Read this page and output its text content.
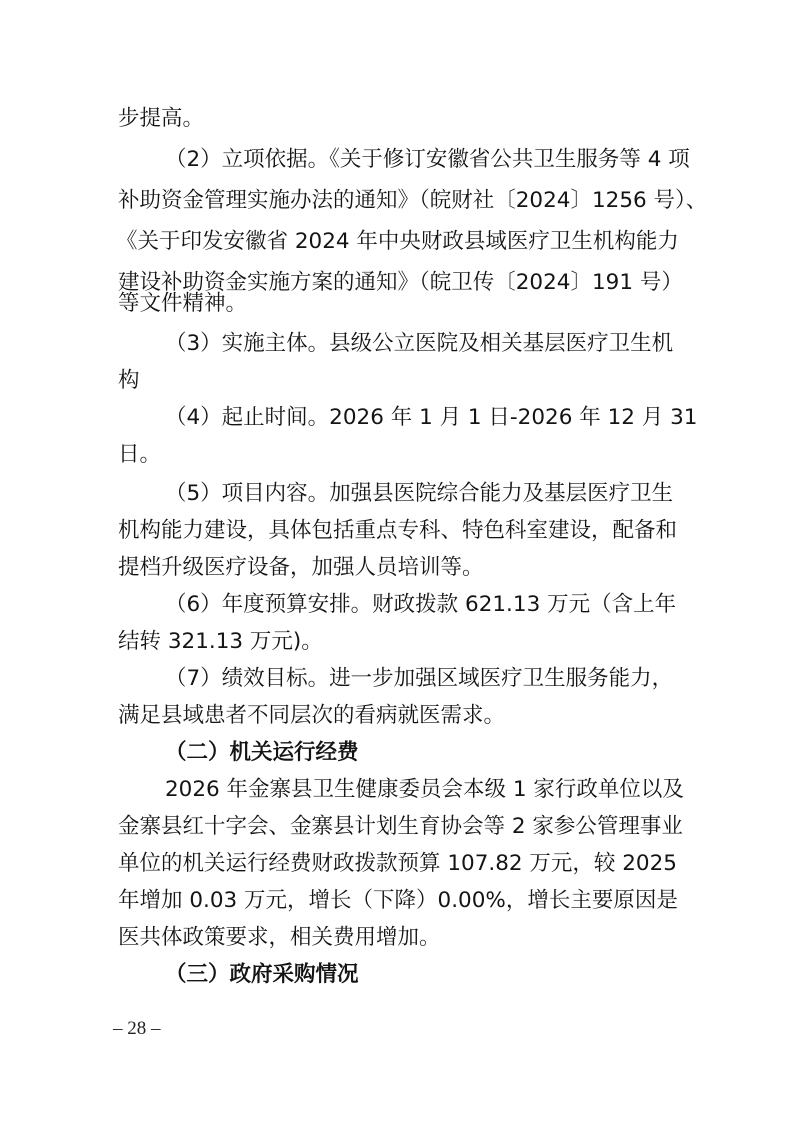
步提高。
（2）立项依据。《关于修订安徽省公共卫生服务等 4 项
补助资金管理实施办法的通知》（皖财社〔2024〕1256 号）、
《关于印发安徽省 2024 年中央财政县域医疗卫生机构能力
建设补助资金实施方案的通知》（皖卫传〔2024〕191 号）
等文件精神。
（3）实施主体。县级公立医院及相关基层医疗卫生机
构
（4）起止时间。2026 年 1 月 1 日-2026 年 12 月 31
日。
（5）项目内容。加强县医院综合能力及基层医疗卫生
机构能力建设，具体包括重点专科、特色科室建设，配备和
提档升级医疗设备，加强人员培训等。
（6）年度预算安排。财政拨款 621.13 万元（含上年
结转 321.13 万元)。
（7）绩效目标。进一步加强区域医疗卫生服务能力，
满足县域患者不同层次的看病就医需求。
（二）机关运行经费
2026 年金寨县卫生健康委员会本级 1 家行政单位以及
金寨县红十字会、金寨县计划生育协会等 2 家参公管理事业
单位的机关运行经费财政拨款预算 107.82 万元，较 2025
年增加 0.03 万元，增长（下降）0.00%，增长主要原因是
医共体政策要求，相关费用增加。
（三）政府采购情况
– 28 –
